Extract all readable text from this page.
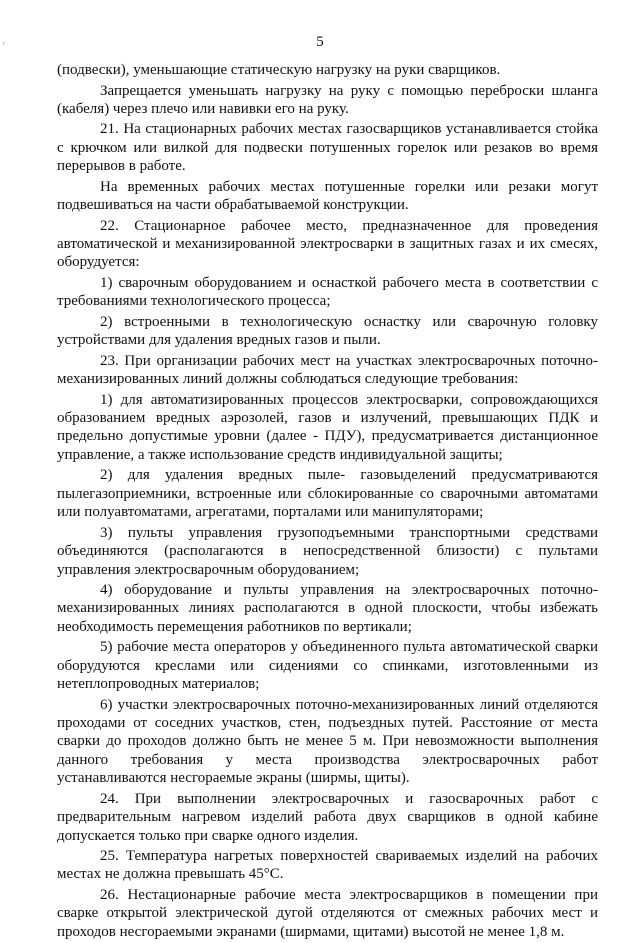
'	5

(подвески), уменьшающие статическую нагрузку на руки сварщиков.

Запрещается уменьшать нагрузку на руку с помощью переброски шланга (кабеля) через плечо или навивки его на руку.

21. На стационарных рабочих местах газосварщиков устанавливается стойка с крючком или вилкой для подвески потушенных горелок или резаков во время перерывов в работе.

На временных рабочих местах потушенные горелки или резаки могут подвешиваться на части обрабатываемой конструкции.

22. Стационарное рабочее место, предназначенное для проведения автоматической и механизированной электросварки в защитных газах и их смесях, оборудуется:

1) сварочным оборудованием и оснасткой рабочего места в соответствии с требованиями технологического процесса;

2) встроенными в технологическую оснастку или сварочную головку устройствами для удаления вредных газов и пыли.

23. При организации рабочих мест на участках электросварочных поточно-механизированных линий должны соблюдаться следующие требования:

1) для автоматизированных процессов электросварки, сопровождающихся образованием вредных аэрозолей, газов и излучений, превышающих ПДК и предельно допустимые уровни (далее - ПДУ), предусматривается дистанционное управление, а также использование средств индивидуальной защиты;

2) для удаления вредных пыле- газовыделений предусматриваются пылегазоприемники, встроенные или сблокированные со сварочными автоматами или полуавтоматами, агрегатами, порталами или манипуляторами;

3) пульты управления грузоподъемными транспортными средствами объединяются (располагаются в непосредственной близости) с пультами управления электросварочным оборудованием;

4) оборудование и пульты управления на электросварочных поточно-механизированных линиях располагаются в одной плоскости, чтобы избежать необходимость перемещения работников по вертикали;

5) рабочие места операторов у объединенного пульта автоматической сварки оборудуются креслами или сидениями со спинками, изготовленными из нетеплопроводных материалов;

6) участки электросварочных поточно-механизированных линий отделяются проходами от соседних участков, стен, подъездных путей. Расстояние от места сварки до проходов должно быть не менее 5 м. При невозможности выполнения данного требования у места производства электросварочных работ устанавливаются несгораемые экраны (ширмы, щиты).

24. При выполнении электросварочных и газосварочных работ с предварительным нагревом изделий работа двух сварщиков в одной кабине допускается только при сварке одного изделия.

25. Температура нагретых поверхностей свариваемых изделий на рабочих местах не должна превышать 45°С.

26. Нестационарные рабочие места электросварщиков в помещении при сварке открытой электрической дугой отделяются от смежных рабочих мест и проходов несгораемыми экранами (ширмами, щитами) высотой не менее 1,8 м.
